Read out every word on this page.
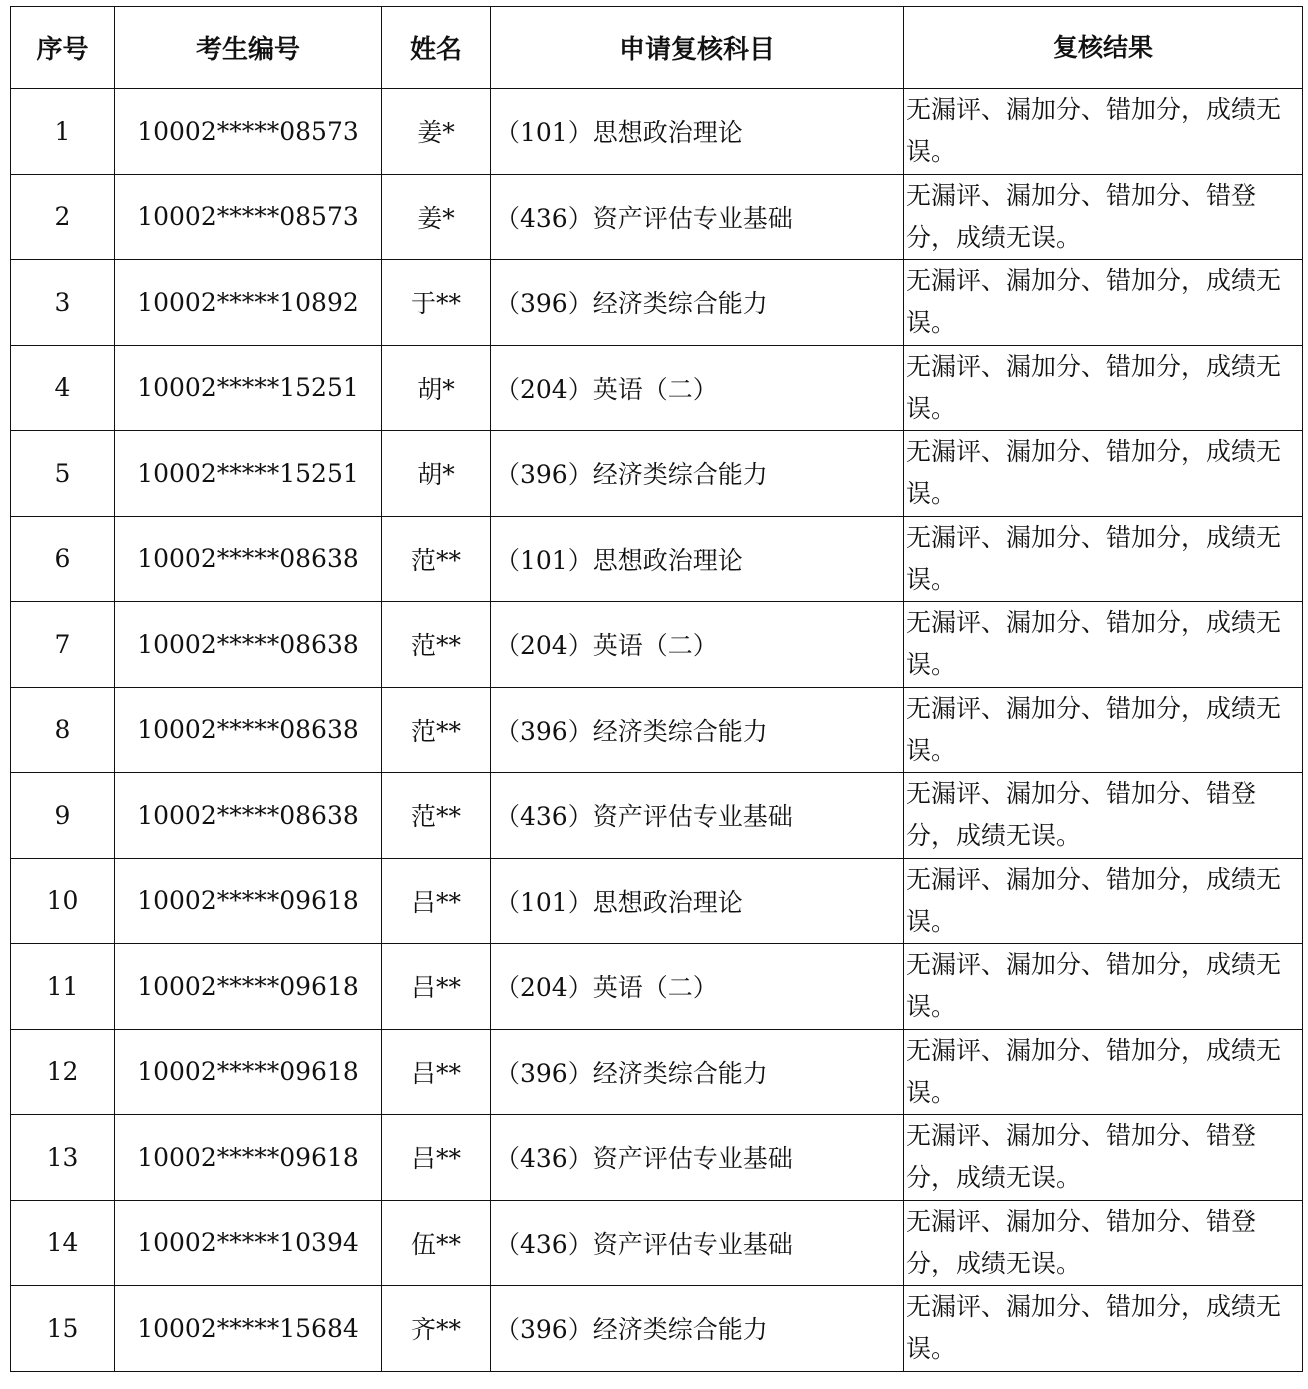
序号	考生编号	姓名	申请复核科目	复核结果
1	10002*****08573	姜*	（101）思想政治理论	无漏评、漏加分、错加分，成绩无误。
2	10002*****08573	姜*	（436）资产评估专业基础	无漏评、漏加分、错加分、错登分，成绩无误。
3	10002*****10892	于**	（396）经济类综合能力	无漏评、漏加分、错加分，成绩无误。
4	10002*****15251	胡*	（204）英语（二）	无漏评、漏加分、错加分，成绩无误。
5	10002*****15251	胡*	（396）经济类综合能力	无漏评、漏加分、错加分，成绩无误。
6	10002*****08638	范**	（101）思想政治理论	无漏评、漏加分、错加分，成绩无误。
7	10002*****08638	范**	（204）英语（二）	无漏评、漏加分、错加分，成绩无误。
8	10002*****08638	范**	（396）经济类综合能力	无漏评、漏加分、错加分，成绩无误。
9	10002*****08638	范**	（436）资产评估专业基础	无漏评、漏加分、错加分、错登分，成绩无误。
10	10002*****09618	吕**	（101）思想政治理论	无漏评、漏加分、错加分，成绩无误。
11	10002*****09618	吕**	（204）英语（二）	无漏评、漏加分、错加分，成绩无误。
12	10002*****09618	吕**	（396）经济类综合能力	无漏评、漏加分、错加分，成绩无误。
13	10002*****09618	吕**	（436）资产评估专业基础	无漏评、漏加分、错加分、错登分，成绩无误。
14	10002*****10394	伍**	（436）资产评估专业基础	无漏评、漏加分、错加分、错登分，成绩无误。
15	10002*****15684	齐**	（396）经济类综合能力	无漏评、漏加分、错加分，成绩无误。
